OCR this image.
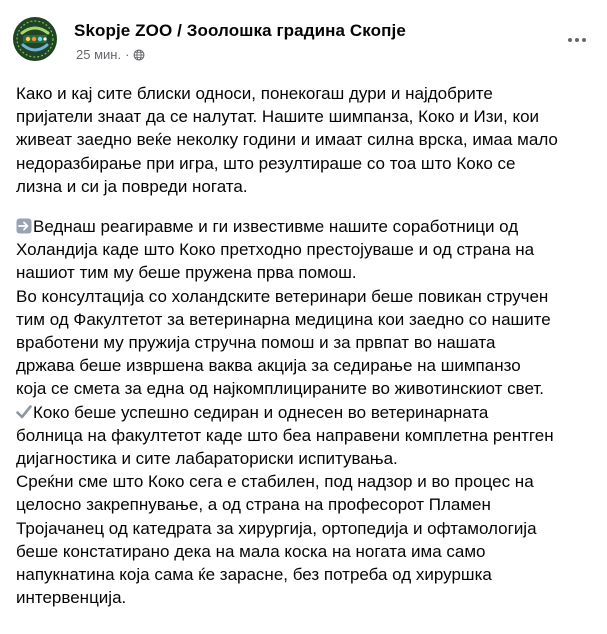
Skopje ZOO / Зоолошка градина Скопје
25 мин. ·

Како и кај сите блиски односи, понекогаш дури и најдобрите

пријатели знаат да се налутат. Нашите шимпанза, Коко и Изи, кои

живеат заедно веќе неколку години и имаат силна врска, имаа мало

недоразбирање при игра, што резултираше со тоа што Коко се

лизна и си ја повреди ногата.

Веднаш реагиравме и ги известивме нашите соработници од

Холандија каде што Коко претходно престојуваше и од страна на

нашиот тим му беше пружена прва помош.

Во консултација со холандските ветеринари беше повикан стручен

тим од Факултетот за ветеринарна медицина кои заедно со нашите

вработени му пружија стручна помош и за првпат во нашата

држава беше извршена ваква акција за седирање на шимпанзо

која се смета за една од најкомплицираните во животинскиот свет.

Коко беше успешно седиран и однесен во ветеринарната

болница на факултетот каде што беа направени комплетна рентген

дијагностика и сите лабараториски испитувања.

Среќни сме што Коко сега е стабилен, под надзор и во процес на

целосно закрепнување, а од страна на професорот Пламен

Тројачанец од катедрата за хирургија, ортопедија и офтамологија

беше констатирано дека на мала коска на ногата има само

напукнатина која сама ќе зарасне, без потреба од хируршка

интервенција.
